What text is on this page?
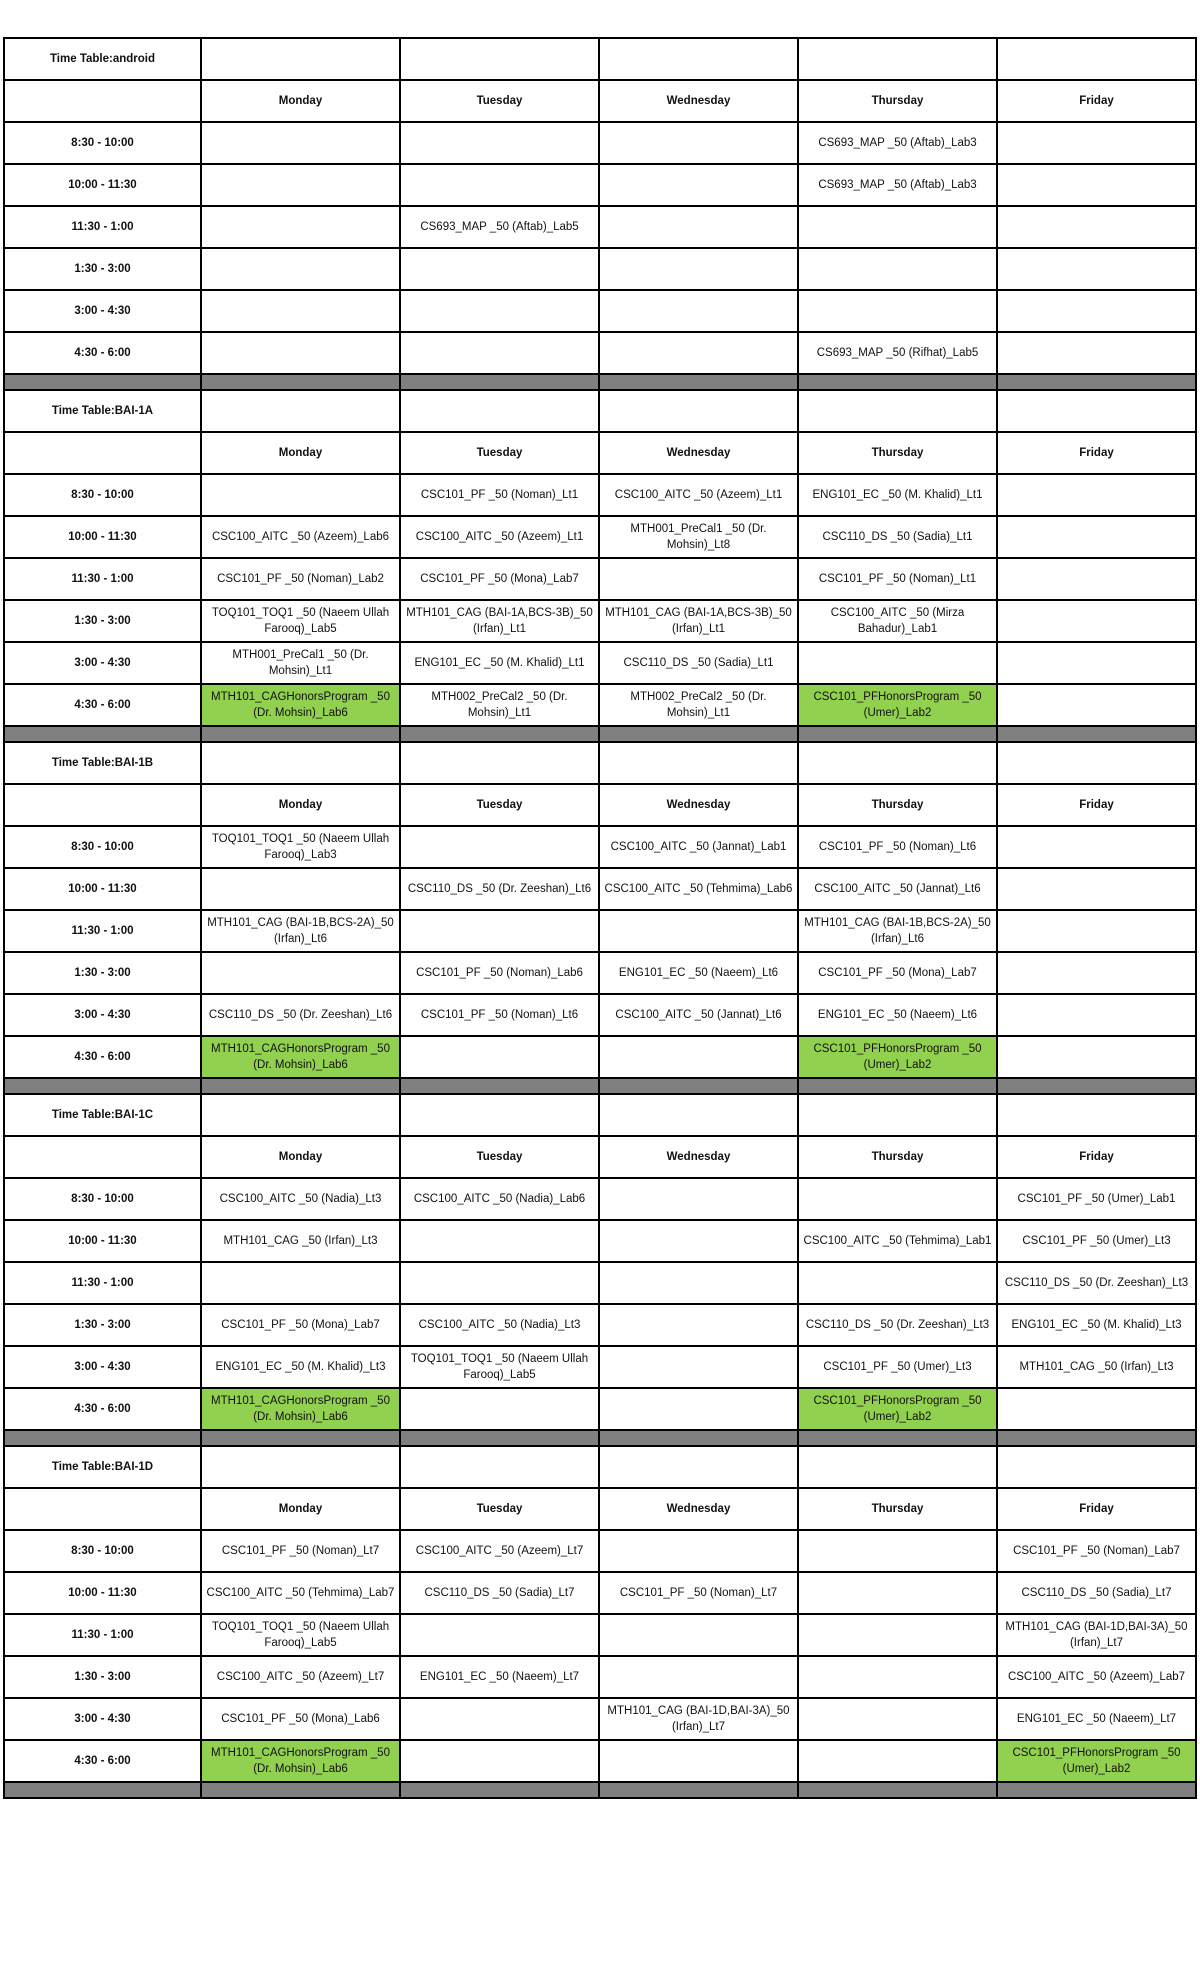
Time Table:android					
	Monday	Tuesday	Wednesday	Thursday	Friday
8:30 - 10:00				CS693_MAP _50 (Aftab)_Lab3	
10:00 - 11:30				CS693_MAP _50 (Aftab)_Lab3	
11:30 - 1:00		CS693_MAP _50 (Aftab)_Lab5			
1:30 - 3:00					
3:00 - 4:30					
4:30 - 6:00				CS693_MAP _50 (Rifhat)_Lab5	

Time Table:BAI-1A					
	Monday	Tuesday	Wednesday	Thursday	Friday
8:30 - 10:00		CSC101_PF _50 (Noman)_Lt1	CSC100_AITC _50 (Azeem)_Lt1	ENG101_EC _50 (M. Khalid)_Lt1	
10:00 - 11:30	CSC100_AITC _50 (Azeem)_Lab6	CSC100_AITC _50 (Azeem)_Lt1	MTH001_PreCal1 _50 (Dr. Mohsin)_Lt8	CSC110_DS _50 (Sadia)_Lt1	
11:30 - 1:00	CSC101_PF _50 (Noman)_Lab2	CSC101_PF _50 (Mona)_Lab7		CSC101_PF _50 (Noman)_Lt1	
1:30 - 3:00	TOQ101_TOQ1 _50 (Naeem Ullah Farooq)_Lab5	MTH101_CAG (BAI-1A,BCS-3B)_50 (Irfan)_Lt1	MTH101_CAG (BAI-1A,BCS-3B)_50 (Irfan)_Lt1	CSC100_AITC _50 (Mirza Bahadur)_Lab1	
3:00 - 4:30	MTH001_PreCal1 _50 (Dr. Mohsin)_Lt1	ENG101_EC _50 (M. Khalid)_Lt1	CSC110_DS _50 (Sadia)_Lt1		
4:30 - 6:00	MTH101_CAGHonorsProgram _50 (Dr. Mohsin)_Lab6	MTH002_PreCal2 _50 (Dr. Mohsin)_Lt1	MTH002_PreCal2 _50 (Dr. Mohsin)_Lt1	CSC101_PFHonorsProgram _50 (Umer)_Lab2	

Time Table:BAI-1B					
	Monday	Tuesday	Wednesday	Thursday	Friday
8:30 - 10:00	TOQ101_TOQ1 _50 (Naeem Ullah Farooq)_Lab3		CSC100_AITC _50 (Jannat)_Lab1	CSC101_PF _50 (Noman)_Lt6	
10:00 - 11:30		CSC110_DS _50 (Dr. Zeeshan)_Lt6	CSC100_AITC _50 (Tehmima)_Lab6	CSC100_AITC _50 (Jannat)_Lt6	
11:30 - 1:00	MTH101_CAG (BAI-1B,BCS-2A)_50 (Irfan)_Lt6			MTH101_CAG (BAI-1B,BCS-2A)_50 (Irfan)_Lt6	
1:30 - 3:00		CSC101_PF _50 (Noman)_Lab6	ENG101_EC _50 (Naeem)_Lt6	CSC101_PF _50 (Mona)_Lab7	
3:00 - 4:30	CSC110_DS _50 (Dr. Zeeshan)_Lt6	CSC101_PF _50 (Noman)_Lt6	CSC100_AITC _50 (Jannat)_Lt6	ENG101_EC _50 (Naeem)_Lt6	
4:30 - 6:00	MTH101_CAGHonorsProgram _50 (Dr. Mohsin)_Lab6			CSC101_PFHonorsProgram _50 (Umer)_Lab2	

Time Table:BAI-1C					
	Monday	Tuesday	Wednesday	Thursday	Friday
8:30 - 10:00	CSC100_AITC _50 (Nadia)_Lt3	CSC100_AITC _50 (Nadia)_Lab6			CSC101_PF _50 (Umer)_Lab1
10:00 - 11:30	MTH101_CAG _50 (Irfan)_Lt3			CSC100_AITC _50 (Tehmima)_Lab1	CSC101_PF _50 (Umer)_Lt3
11:30 - 1:00					CSC110_DS _50 (Dr. Zeeshan)_Lt3
1:30 - 3:00	CSC101_PF _50 (Mona)_Lab7	CSC100_AITC _50 (Nadia)_Lt3		CSC110_DS _50 (Dr. Zeeshan)_Lt3	ENG101_EC _50 (M. Khalid)_Lt3
3:00 - 4:30	ENG101_EC _50 (M. Khalid)_Lt3	TOQ101_TOQ1 _50 (Naeem Ullah Farooq)_Lab5		CSC101_PF _50 (Umer)_Lt3	MTH101_CAG _50 (Irfan)_Lt3
4:30 - 6:00	MTH101_CAGHonorsProgram _50 (Dr. Mohsin)_Lab6			CSC101_PFHonorsProgram _50 (Umer)_Lab2	

Time Table:BAI-1D					
	Monday	Tuesday	Wednesday	Thursday	Friday
8:30 - 10:00	CSC101_PF _50 (Noman)_Lt7	CSC100_AITC _50 (Azeem)_Lt7			CSC101_PF _50 (Noman)_Lab7
10:00 - 11:30	CSC100_AITC _50 (Tehmima)_Lab7	CSC110_DS _50 (Sadia)_Lt7	CSC101_PF _50 (Noman)_Lt7		CSC110_DS _50 (Sadia)_Lt7
11:30 - 1:00	TOQ101_TOQ1 _50 (Naeem Ullah Farooq)_Lab5				MTH101_CAG (BAI-1D,BAI-3A)_50 (Irfan)_Lt7
1:30 - 3:00	CSC100_AITC _50 (Azeem)_Lt7	ENG101_EC _50 (Naeem)_Lt7			CSC100_AITC _50 (Azeem)_Lab7
3:00 - 4:30	CSC101_PF _50 (Mona)_Lab6		MTH101_CAG (BAI-1D,BAI-3A)_50 (Irfan)_Lt7		ENG101_EC _50 (Naeem)_Lt7
4:30 - 6:00	MTH101_CAGHonorsProgram _50 (Dr. Mohsin)_Lab6				CSC101_PFHonorsProgram _50 (Umer)_Lab2
